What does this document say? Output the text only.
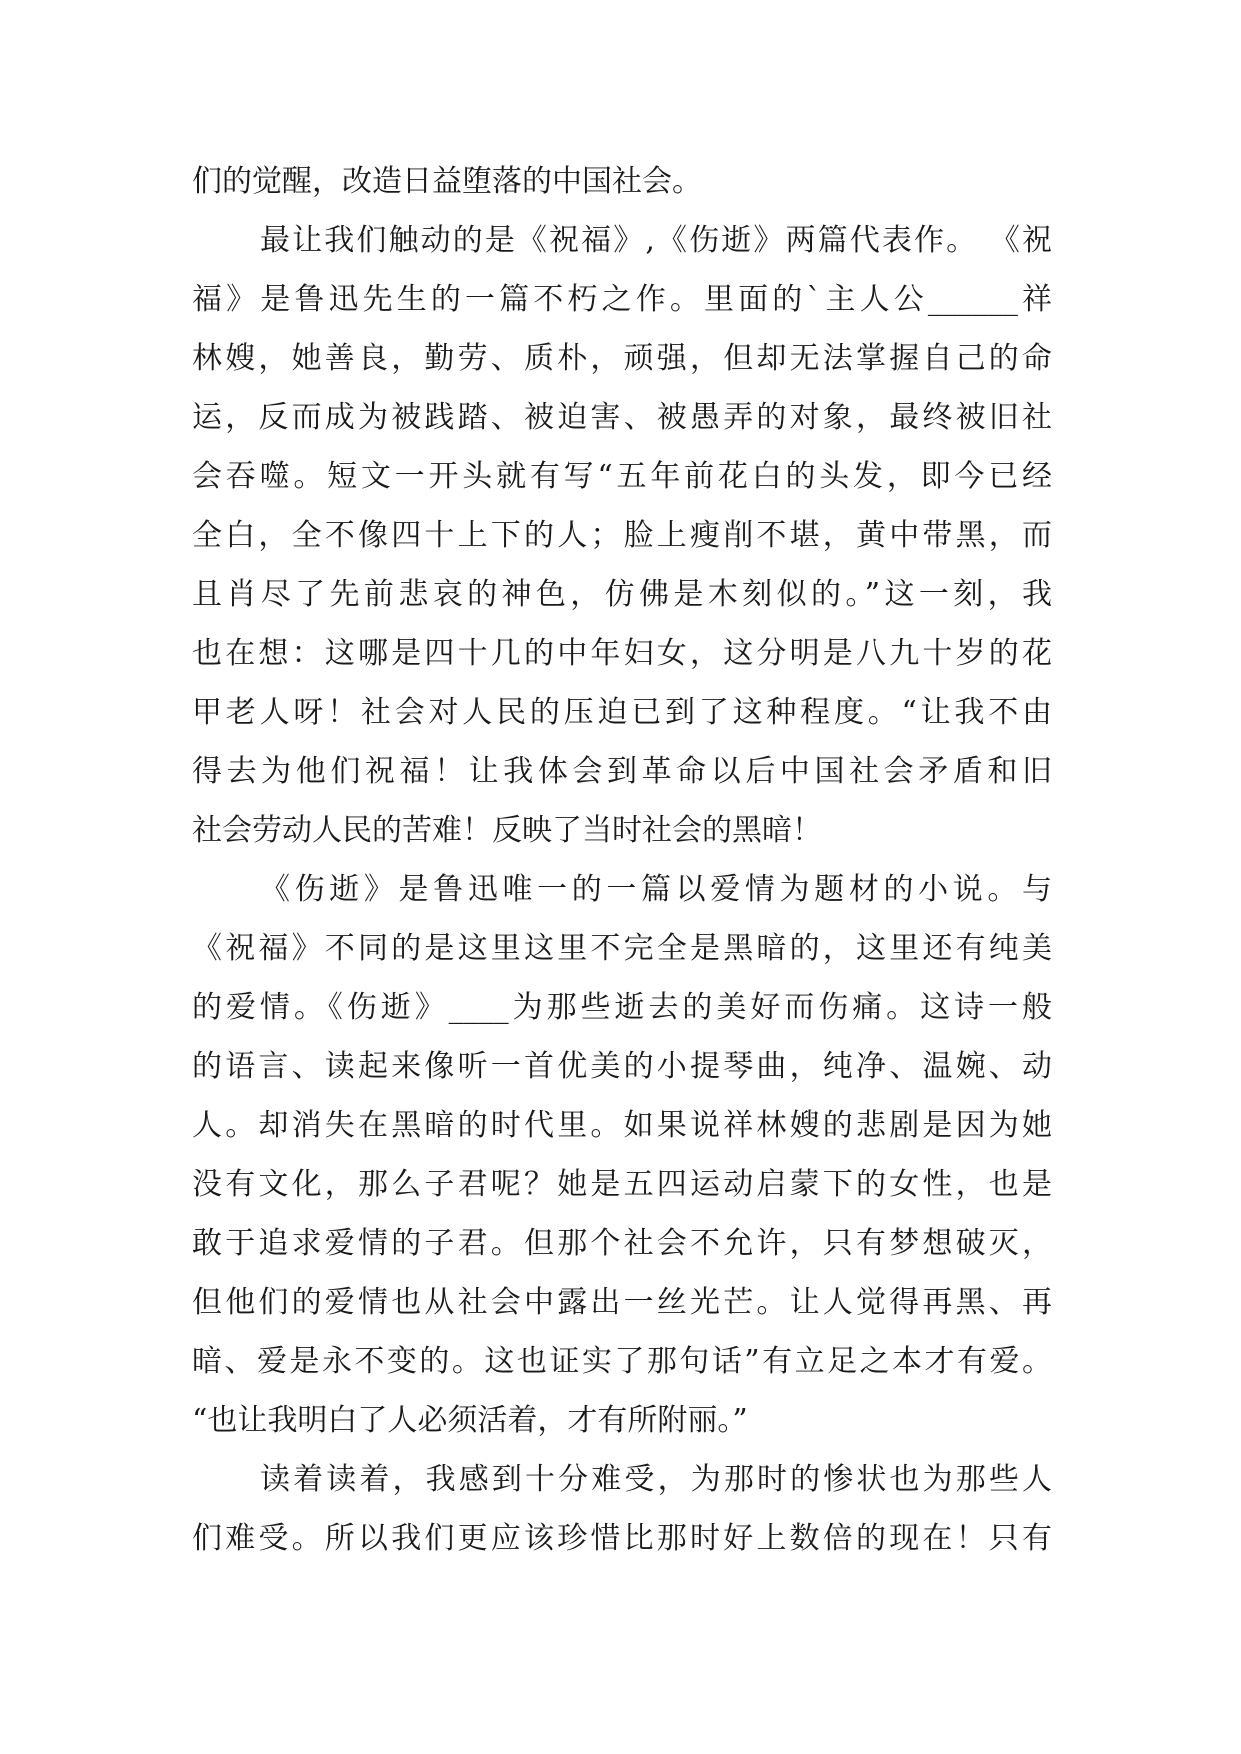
们的觉醒，改造日益堕落的中国社会。
最让我们触动的是《祝福》,《伤逝》两篇代表作。 《祝
福》是鲁迅先生的一篇不朽之作。里面的`主人公______祥
林嫂，她善良，勤劳、质朴，顽强，但却无法掌握自己的命
运，反而成为被践踏、被迫害、被愚弄的对象，最终被旧社
会吞噬。短文一开头就有写“五年前花白的头发，即今已经
全白，全不像四十上下的人；脸上瘦削不堪，黄中带黑，而
且肖尽了先前悲哀的神色，仿佛是木刻似的。”这一刻，我
也在想：这哪是四十几的中年妇女，这分明是八九十岁的花
甲老人呀！社会对人民的压迫已到了这种程度。“让我不由
得去为他们祝福！让我体会到革命以后中国社会矛盾和旧
社会劳动人民的苦难！反映了当时社会的黑暗！
《伤逝》是鲁迅唯一的一篇以爱情为题材的小说。与
《祝福》不同的是这里这里不完全是黑暗的，这里还有纯美
的爱情。《伤逝》____为那些逝去的美好而伤痛。这诗一般
的语言、读起来像听一首优美的小提琴曲，纯净、温婉、动
人。却消失在黑暗的时代里。如果说祥林嫂的悲剧是因为她
没有文化，那么子君呢？她是五四运动启蒙下的女性，也是
敢于追求爱情的子君。但那个社会不允许，只有梦想破灭，
但他们的爱情也从社会中露出一丝光芒。让人觉得再黑、再
暗、爱是永不变的。这也证实了那句话”有立足之本才有爱。
“也让我明白了人必须活着，才有所附丽。”
读着读着，我感到十分难受，为那时的惨状也为那些人
们难受。所以我们更应该珍惜比那时好上数倍的现在！只有
